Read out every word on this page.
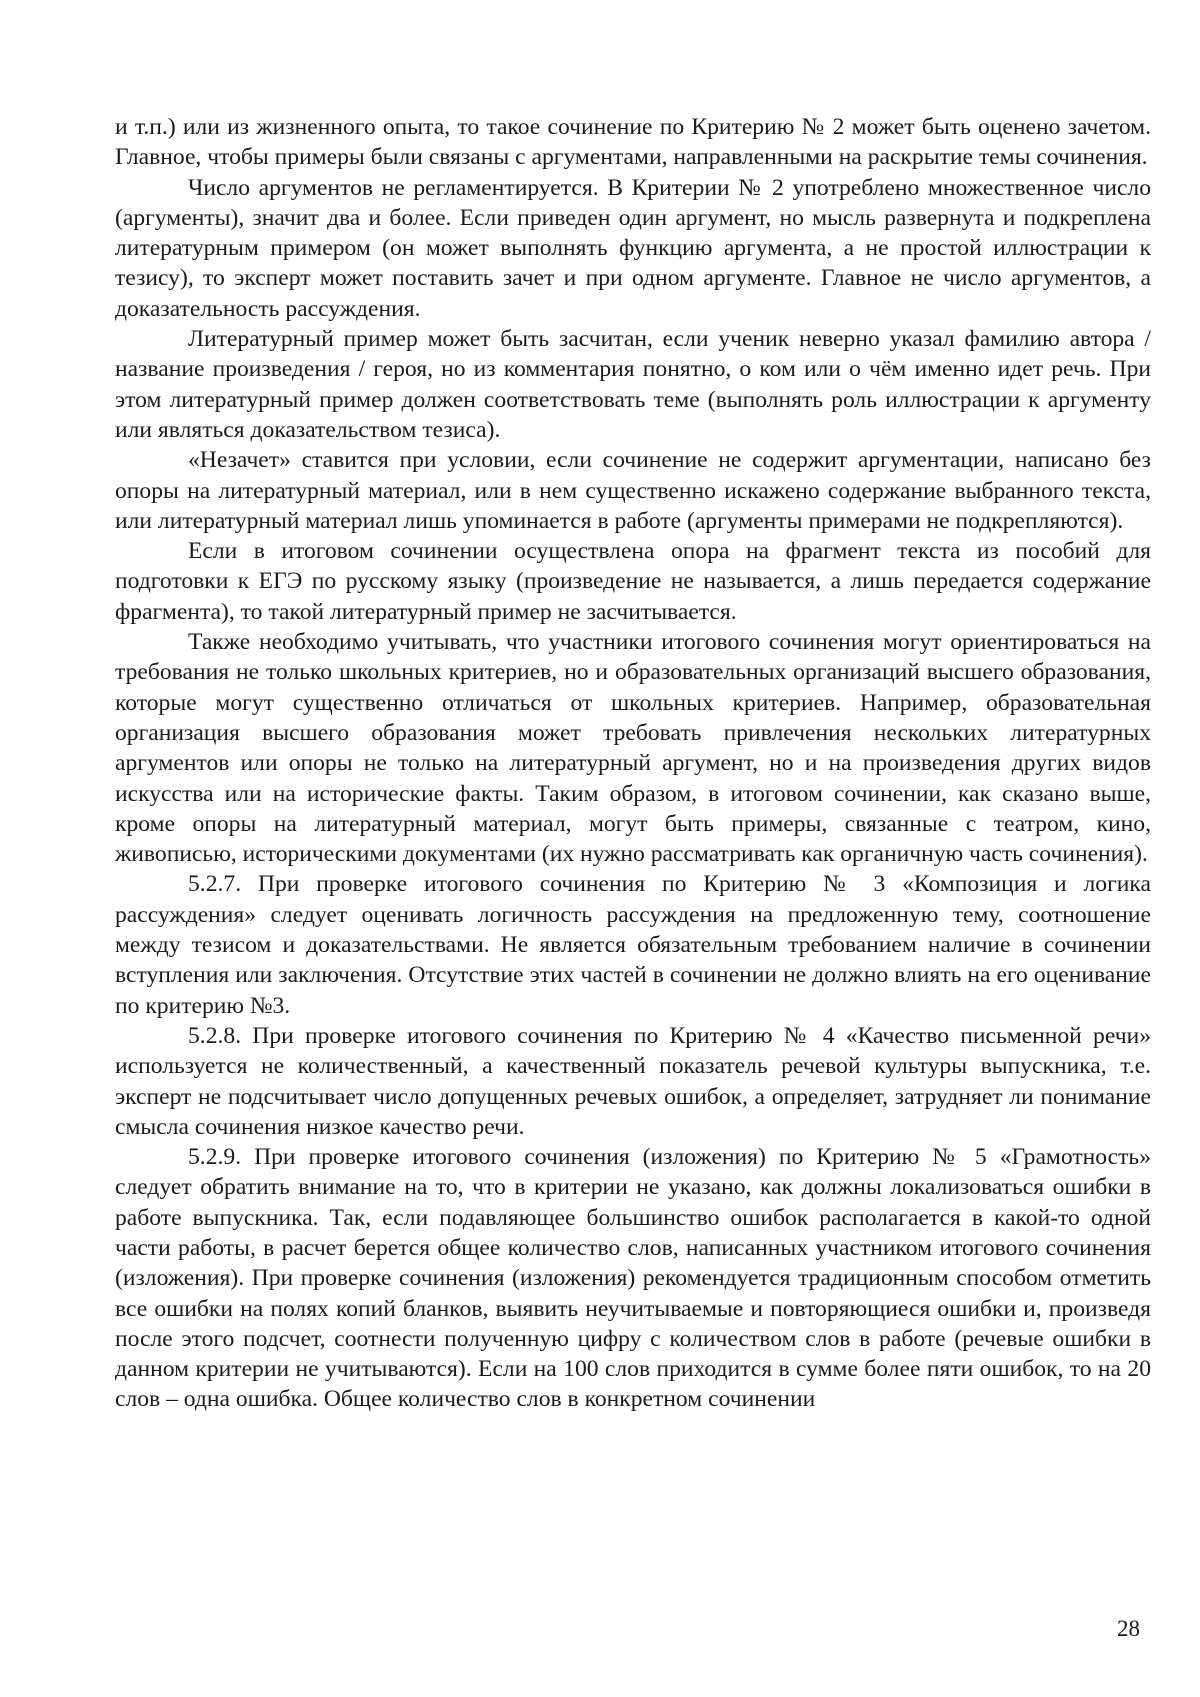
и т.п.) или из жизненного опыта, то такое сочинение по Критерию № 2 может быть оценено зачетом. Главное, чтобы примеры были связаны с аргументами, направленными на раскрытие темы сочинения.

Число аргументов не регламентируется. В Критерии № 2 употреблено множественное число (аргументы), значит два и более. Если приведен один аргумент, но мысль развернута и подкреплена литературным примером (он может выполнять функцию аргумента, а не простой иллюстрации к тезису), то эксперт может поставить зачет и при одном аргументе. Главное не число аргументов, а доказательность рассуждения.

Литературный пример может быть засчитан, если ученик неверно указал фамилию автора / название произведения / героя, но из комментария понятно, о ком или о чём именно идет речь. При этом литературный пример должен соответствовать теме (выполнять роль иллюстрации к аргументу или являться доказательством тезиса).

«Незачет» ставится при условии, если сочинение не содержит аргументации, написано без опоры на литературный материал, или в нем существенно искажено содержание выбранного текста, или литературный материал лишь упоминается в работе (аргументы примерами не подкрепляются).

Если в итоговом сочинении осуществлена опора на фрагмент текста из пособий для подготовки к ЕГЭ по русскому языку (произведение не называется, а лишь передается содержание фрагмента), то такой литературный пример не засчитывается.

Также необходимо учитывать, что участники итогового сочинения могут ориентироваться на требования не только школьных критериев, но и образовательных организаций высшего образования, которые могут существенно отличаться от школьных критериев. Например, образовательная организация высшего образования может требовать привлечения нескольких литературных аргументов или опоры не только на литературный аргумент, но и на произведения других видов искусства или на исторические факты. Таким образом, в итоговом сочинении, как сказано выше, кроме опоры на литературный материал, могут быть примеры, связанные с театром, кино, живописью, историческими документами (их нужно рассматривать как органичную часть сочинения).

5.2.7. При проверке итогового сочинения по Критерию № 3 «Композиция и логика рассуждения» следует оценивать логичность рассуждения на предложенную тему, соотношение между тезисом и доказательствами. Не является обязательным требованием наличие в сочинении вступления или заключения. Отсутствие этих частей в сочинении не должно влиять на его оценивание по критерию №3.

5.2.8. При проверке итогового сочинения по Критерию № 4 «Качество письменной речи» используется не количественный, а качественный показатель речевой культуры выпускника, т.е. эксперт не подсчитывает число допущенных речевых ошибок, а определяет, затрудняет ли понимание смысла сочинения низкое качество речи.

5.2.9. При проверке итогового сочинения (изложения) по Критерию № 5 «Грамотность» следует обратить внимание на то, что в критерии не указано, как должны локализоваться ошибки в работе выпускника. Так, если подавляющее большинство ошибок располагается в какой-то одной части работы, в расчет берется общее количество слов, написанных участником итогового сочинения (изложения). При проверке сочинения (изложения) рекомендуется традиционным способом отметить все ошибки на полях копий бланков, выявить неучитываемые и повторяющиеся ошибки и, произведя после этого подсчет, соотнести полученную цифру с количеством слов в работе (речевые ошибки в данном критерии не учитываются). Если на 100 слов приходится в сумме более пяти ошибок, то на 20 слов – одна ошибка. Общее количество слов в конкретном сочинении

28
